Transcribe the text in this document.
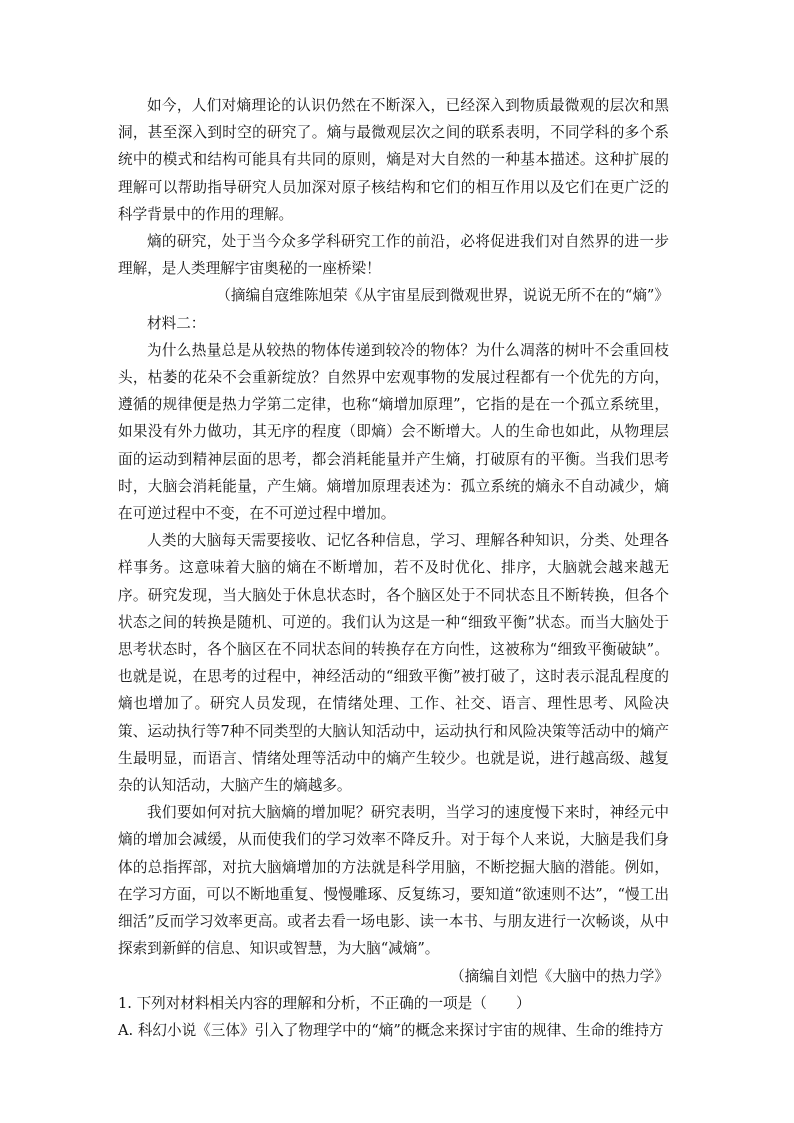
如今，人们对熵理论的认识仍然在不断深入，已经深入到物质最微观的层次和黑洞，甚至深入到时空的研究了。熵与最微观层次之间的联系表明，不同学科的多个系统中的模式和结构可能具有共同的原则，熵是对大自然的一种基本描述。这种扩展的理解可以帮助指导研究人员加深对原子核结构和它们的相互作用以及它们在更广泛的科学背景中的作用的理解。

熵的研究，处于当今众多学科研究工作的前沿，必将促进我们对自然界的进一步理解，是人类理解宇宙奥秘的一座桥梁！

（摘编自寇维陈旭荣《从宇宙星辰到微观世界，说说无所不在的“熵”》

材料二：

为什么热量总是从较热的物体传递到较冷的物体？为什么凋落的树叶不会重回枝头，枯萎的花朵不会重新绽放？自然界中宏观事物的发展过程都有一个优先的方向，遵循的规律便是热力学第二定律，也称“熵增加原理”，它指的是在一个孤立系统里，如果没有外力做功，其无序的程度（即熵）会不断增大。人的生命也如此，从物理层面的运动到精神层面的思考，都会消耗能量并产生熵，打破原有的平衡。当我们思考时，大脑会消耗能量，产生熵。熵增加原理表述为：孤立系统的熵永不自动减少，熵在可逆过程中不变，在不可逆过程中增加。

人类的大脑每天需要接收、记忆各种信息，学习、理解各种知识，分类、处理各样事务。这意味着大脑的熵在不断增加，若不及时优化、排序，大脑就会越来越无序。研究发现，当大脑处于休息状态时，各个脑区处于不同状态且不断转换，但各个状态之间的转换是随机、可逆的。我们认为这是一种“细致平衡”状态。而当大脑处于思考状态时，各个脑区在不同状态间的转换存在方向性，这被称为“细致平衡破缺”。也就是说，在思考的过程中，神经活动的“细致平衡”被打破了，这时表示混乱程度的熵也增加了。研究人员发现，在情绪处理、工作、社交、语言、理性思考、风险决策、运动执行等7种不同类型的大脑认知活动中，运动执行和风险决策等活动中的熵产生最明显，而语言、情绪处理等活动中的熵产生较少。也就是说，进行越高级、越复杂的认知活动，大脑产生的熵越多。

我们要如何对抗大脑熵的增加呢？研究表明，当学习的速度慢下来时，神经元中熵的增加会减缓，从而使我们的学习效率不降反升。对于每个人来说，大脑是我们身体的总指挥部，对抗大脑熵增加的方法就是科学用脑，不断挖掘大脑的潜能。例如，在学习方面，可以不断地重复、慢慢雕琢、反复练习，要知道“欲速则不达”，“慢工出细活”反而学习效率更高。或者去看一场电影、读一本书、与朋友进行一次畅谈，从中探索到新鲜的信息、知识或智慧，为大脑“减熵”。

（摘编自刘恺《大脑中的热力学》

1. 下列对材料相关内容的理解和分析，不正确的一项是（　　）

A. 科幻小说《三体》引入了物理学中的“熵”的概念来探讨宇宙的规律、生命的维持方
